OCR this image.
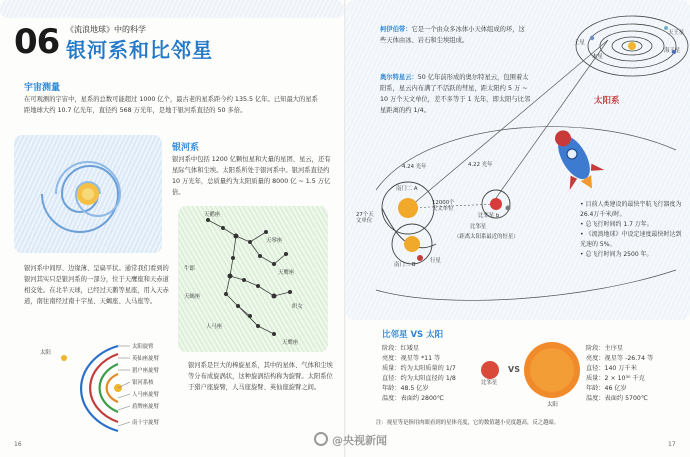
06 《流浪地球》中的科学
银河系和比邻星
宇宙测量
在可观测的宇宙中，星系的总数可能超过 1000 亿个，最古老的星系距今约 135.5 亿年。已知最大的星系距地球大约 10.7 亿光年，直径约 568 万光年，是地于银河系直径的 50 多倍。
银河系
银河系中包括 1200 亿颗恒星和大量的星团、星云，还有星际气体和尘埃。太阳系所处于银河系中。银河系直径约 10 万光年，总质量约为太阳质量的 8000 亿 ~ 1.5 万亿倍。
天鹅座
天琴座
牛郎
天鹰座
天蝎座
人马座
织女
天鹰座
银河系中间厚、边缘薄、呈扁平状。通常我们看到的银河其实只是银河系的一部分，位于天鹰座和天赤道相交处。在北半天球，已经过天鹅等星座，用入天赤道，南往南经过南十字星、天蝎座、人马座等。
太阳
太阳旋臂
英仙座旋臂
猎户座旋臂
银河系核
人马座旋臂
盾牌座旋臂
南十字旋臂
银河系是巨大的棒旋星系，其中的星体、气体和尘埃等分布成旋涡状，这种旋涡结构称为旋臂。太阳系位于猎户座旋臂，人马座旋臂、英仙座旋臂之间。
16
柯伊伯带：它是一个由众多冰体小天体组成的环，这些天体由冰、岩石和尘埃组成。
奥尔特星云：50 亿年前形成的奥尔特星云，包围着太阳系，星云内布满了不活跃的彗星，距太阳约 5 万 ~ 10 万个天文单位，差不多等于 1 光年，即太阳与比邻星距离的约 1/4。
土星
木星
天王星
海王星
太阳系
• 目前人类建设的最快宇航飞行器度为26.4万千米/时。
• 总飞行时间约 1.7 万年。
• 《流浪地球》中设定速度最快时达到光速的 5%。
• 总飞行时间为 2500 年。
4.24 光年	4.22 光年
南门二 A
南门二 B
比邻星 b
比邻星
行星
12000个天文单位
27个天文单位
（距离太阳系最近的恒星）
比邻星 VS 太阳
阶段：红矮星
亮度：视星等 *11 等
质量：约为太阳质量的 1/7
直径：约为太阳直径的 1/8
年龄：48.5 亿岁
温度：表面约 2800℃
比邻星
VS
太阳
阶段：主序星
亮度：视星等 -26.74 等
直径：140 万千米
质量：2 × 10³⁰ 千克
年龄：46 亿岁
温度：表面约 5700℃
注：视星等是指用肉眼看到的星体亮度，它的数值越小亮度越高，反之越暗。
@央视新闻	17
